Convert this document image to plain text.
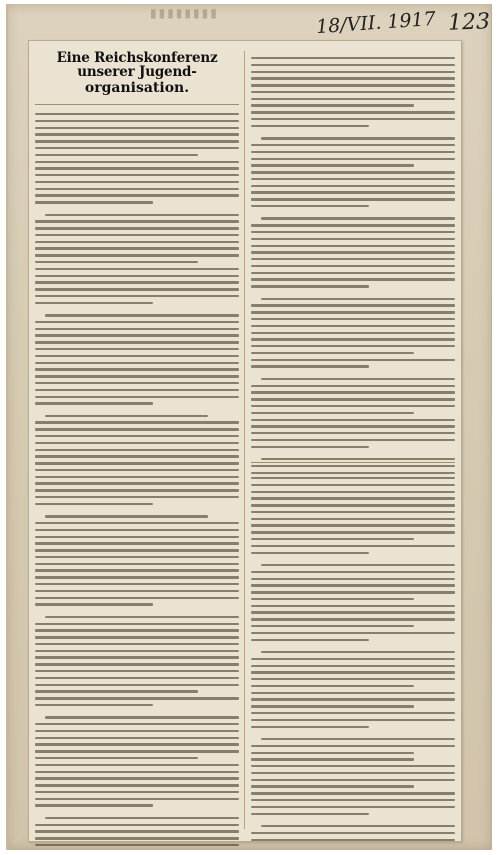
▮▮▮▮▮▮▮▮	18/VII. 1917 123
Eine Reichskonferenz unserer Jugend-
organisation.
